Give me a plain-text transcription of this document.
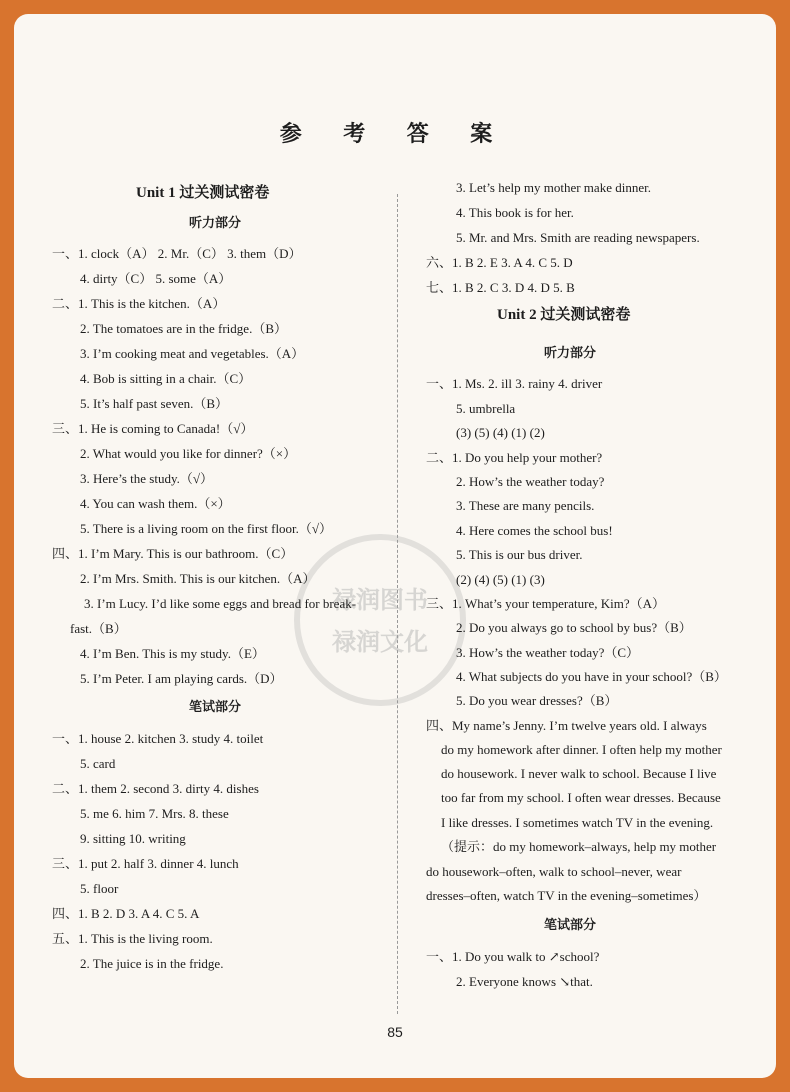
禄润图书
禄润文化
参 考 答 案
Unit 1 过关测试密卷
听力部分
一、1. clock（A） 2. Mr.（C） 3. them（D）
4. dirty（C） 5. some（A）
二、1. This is the kitchen.（A）
2. The tomatoes are in the fridge.（B）
3. I’m cooking meat and vegetables.（A）
4. Bob is sitting in a chair.（C）
5. It’s half past seven.（B）
三、1. He is coming to Canada!（√）
2. What would you like for dinner?（×）
3. Here’s the study.（√）
4. You can wash them.（×）
5. There is a living room on the first floor.（√）
四、1. I’m Mary. This is our bathroom.（C）
2. I’m Mrs. Smith. This is our kitchen.（A）
3. I’m Lucy. I’d like some eggs and bread for break-
fast.（B）
4. I’m Ben. This is my study.（E）
5. I’m Peter. I am playing cards.（D）
笔试部分
一、1. house 2. kitchen 3. study 4. toilet
5. card
二、1. them 2. second 3. dirty 4. dishes
5. me 6. him 7. Mrs. 8. these
9. sitting 10. writing
三、1. put 2. half 3. dinner 4. lunch
5. floor
四、1. B 2. D 3. A 4. C 5. A
五、1. This is the living room.
2. The juice is in the fridge.
3. Let’s help my mother make dinner.
4. This book is for her.
5. Mr. and Mrs. Smith are reading newspapers.
六、1. B 2. E 3. A 4. C 5. D
七、1. B 2. C 3. D 4. D 5. B
Unit 2 过关测试密卷
听力部分
一、1. Ms. 2. ill 3. rainy 4. driver
5. umbrella
(3) (5) (4) (1) (2)
二、1. Do you help your mother?
2. How’s the weather today?
3. These are many pencils.
4. Here comes the school bus!
5. This is our bus driver.
(2) (4) (5) (1) (3)
三、1. What’s your temperature, Kim?（A）
2. Do you always go to school by bus?（B）
3. How’s the weather today?（C）
4. What subjects do you have in your school?（B）
5. Do you wear dresses?（B）
四、My name’s Jenny. I’m twelve years old. I always
do my homework after dinner. I often help my mother
do housework. I never walk to school. Because I live
too far from my school. I often wear dresses. Because
I like dresses. I sometimes watch TV in the evening.
（提示：do my homework–always, help my mother
do housework–often, walk to school–never, wear
dresses–often, watch TV in the evening–sometimes）
笔试部分
一、1. Do you walk to ↗school?
2. Everyone knows ↘that.
85
